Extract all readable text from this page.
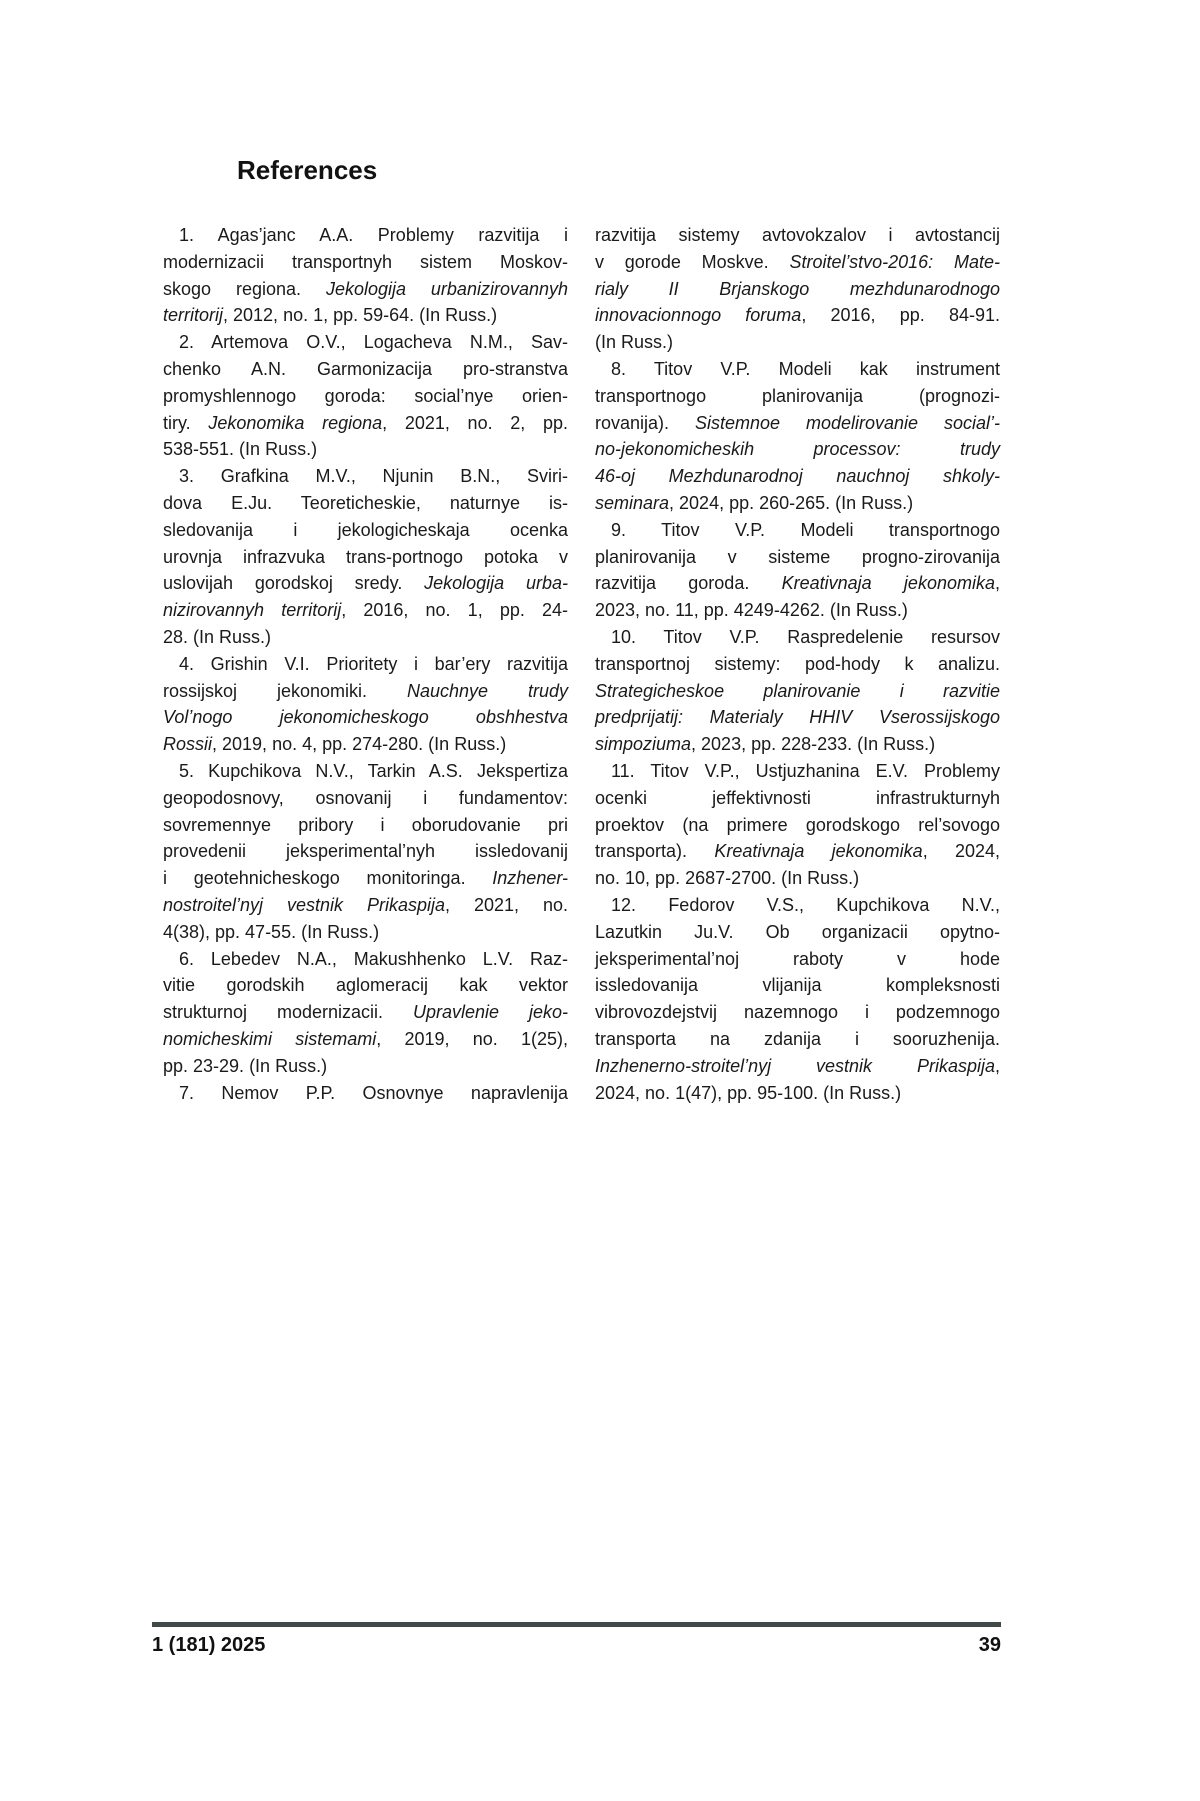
References
1. Agas’janc A.A. Problemy razvitija i
modernizacii transportnyh sistem Moskov-
skogo regiona. Jekologija urbanizirovannyh
territorij, 2012, no. 1, pp. 59-64. (In Russ.)
2. Artemova O.V., Logacheva N.M., Sav-
chenko A.N. Garmonizacija pro-stranstva
promyshlennogo goroda: social’nye orien-
tiry. Jekonomika regiona, 2021, no. 2, pp.
538-551. (In Russ.)
3. Grafkina M.V., Njunin B.N., Sviri-
dova E.Ju. Teoreticheskie, naturnye is-
sledovanija i jekologicheskaja ocenka
urovnja infrazvuka trans-portnogo potoka v
uslovijah gorodskoj sredy. Jekologija urba-
nizirovannyh territorij, 2016, no. 1, pp. 24-
28. (In Russ.)
4. Grishin V.I. Prioritety i bar’ery razvitija
rossijskoj jekonomiki. Nauchnye trudy
Vol’nogo jekonomicheskogo obshhestva
Rossii, 2019, no. 4, pp. 274-280. (In Russ.)
5. Kupchikova N.V., Tarkin A.S. Jekspertiza
geopodosnovy, osnovanij i fundamentov:
sovremennye pribory i oborudovanie pri
provedenii jeksperimental’nyh issledovanij
i geotehnicheskogo monitoringa. Inzhener-
nostroitel’nyj vestnik Prikaspija, 2021, no.
4(38), pp. 47-55. (In Russ.)
6. Lebedev N.A., Makushhenko L.V. Raz-
vitie gorodskih aglomeracij kak vektor
strukturnoj modernizacii. Upravlenie jeko-
nomicheskimi sistemami, 2019, no. 1(25),
pp. 23-29. (In Russ.)
7. Nemov P.P. Osnovnye napravlenija
razvitija sistemy avtovokzalov i avtostancij
v gorode Moskve. Stroitel’stvo-2016: Mate-
rialy II Brjanskogo mezhdunarodnogo
innovacionnogo foruma, 2016, pp. 84-91.
(In Russ.)
8. Titov V.P. Modeli kak instrument
transportnogo planirovanija (prognozi-
rovanija). Sistemnoe modelirovanie social’-
no-jekonomicheskih processov: trudy
46-oj Mezhdunarodnoj nauchnoj shkoly-
seminara, 2024, pp. 260-265. (In Russ.)
9. Titov V.P. Modeli transportnogo
planirovanija v sisteme progno-zirovanija
razvitija goroda. Kreativnaja jekonomika,
2023, no. 11, pp. 4249-4262. (In Russ.)
10. Titov V.P. Raspredelenie resursov
transportnoj sistemy: pod-hody k analizu.
Strategicheskoe planirovanie i razvitie
predprijatij: Materialy HHIV Vserossijskogo
simpoziuma, 2023, pp. 228-233. (In Russ.)
11. Titov V.P., Ustjuzhanina E.V. Problemy
ocenki jeffektivnosti infrastrukturnyh
proektov (na primere gorodskogo rel’sovogo
transporta). Kreativnaja jekonomika, 2024,
no. 10, pp. 2687-2700. (In Russ.)
12. Fedorov V.S., Kupchikova N.V.,
Lazutkin Ju.V. Ob organizacii opytno-
jeksperimental’noj raboty v hode
issledovanija vlijanija kompleksnosti
vibrovozdejstvij nazemnogo i podzemnogo
transporta na zdanija i sooruzhenija.
Inzhenerno-stroitel’nyj vestnik Prikaspija,
2024, no. 1(47), pp. 95-100. (In Russ.)
1 (181) 2025	39
